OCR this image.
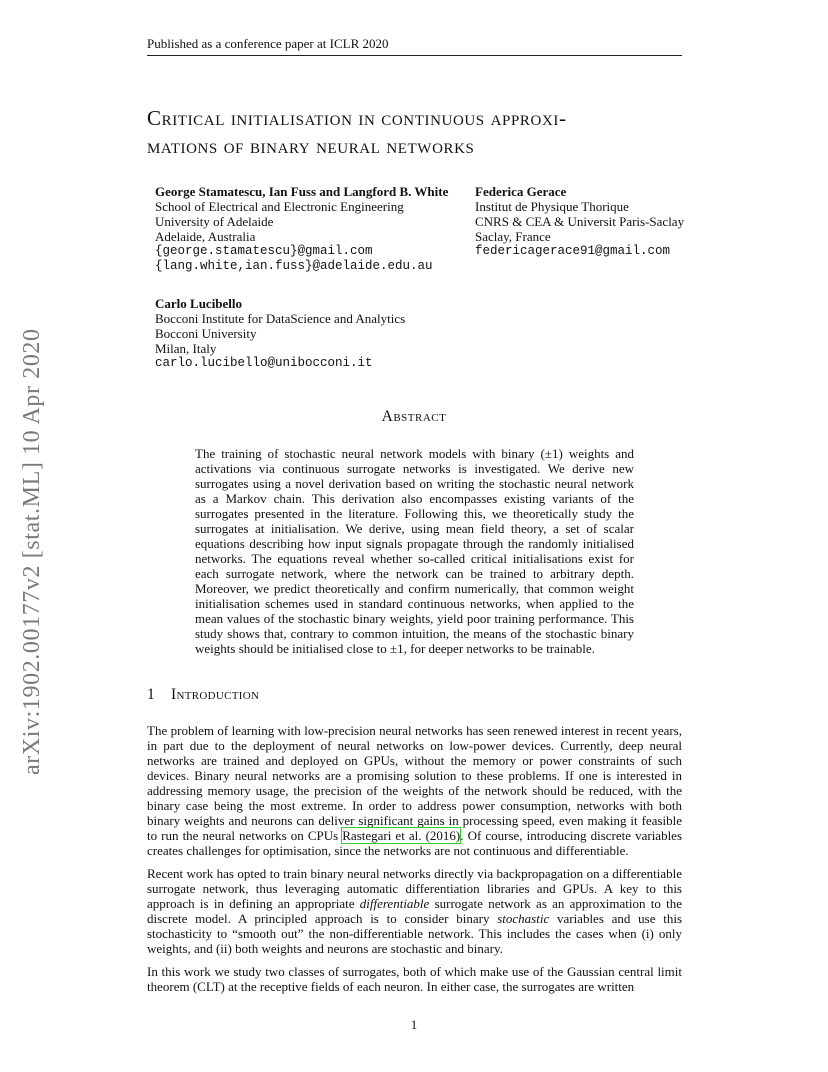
Published as a conference paper at ICLR 2020
arXiv:1902.00177v2 [stat.ML] 10 Apr 2020
Critical initialisation in continuous approxi-
mations of binary neural networks
George Stamatescu, Ian Fuss and Langford B. White
School of Electrical and Electronic Engineering
University of Adelaide
Adelaide, Australia
{george.stamatescu}@gmail.com
{lang.white,ian.fuss}@adelaide.edu.au
Federica Gerace
Institut de Physique Thorique
CNRS & CEA & Universit Paris-Saclay
Saclay, France
federicagerace91@gmail.com
Carlo Lucibello
Bocconi Institute for DataScience and Analytics
Bocconi University
Milan, Italy
carlo.lucibello@unibocconi.it
Abstract
The training of stochastic neural network models with binary (±1) weights and activations via continuous surrogate networks is investigated. We derive new surrogates using a novel derivation based on writing the stochastic neural network as a Markov chain. This derivation also encompasses existing variants of the surrogates presented in the literature. Following this, we theoretically study the surrogates at initialisation. We derive, using mean field theory, a set of scalar equations describing how input signals propagate through the randomly initialised networks. The equations reveal whether so-called critical initialisations exist for each surrogate network, where the network can be trained to arbitrary depth. Moreover, we predict theoretically and confirm numerically, that common weight initialisation schemes used in standard continuous networks, when applied to the mean values of the stochastic binary weights, yield poor training performance. This study shows that, contrary to common intuition, the means of the stochastic binary weights should be initialised close to ±1, for deeper networks to be trainable.
1 Introduction
The problem of learning with low-precision neural networks has seen renewed interest in recent years, in part due to the deployment of neural networks on low-power devices. Currently, deep neural networks are trained and deployed on GPUs, without the memory or power constraints of such devices. Binary neural networks are a promising solution to these problems. If one is interested in addressing memory usage, the precision of the weights of the network should be reduced, with the binary case being the most extreme. In order to address power consumption, networks with both binary weights and neurons can deliver significant gains in processing speed, even making it feasible to run the neural networks on CPUs Rastegari et al. (2016). Of course, introducing discrete variables creates challenges for optimisation, since the networks are not continuous and differentiable.
Recent work has opted to train binary neural networks directly via backpropagation on a differentiable surrogate network, thus leveraging automatic differentiation libraries and GPUs. A key to this approach is in defining an appropriate differentiable surrogate network as an approximation to the discrete model. A principled approach is to consider binary stochastic variables and use this stochasticity to “smooth out” the non-differentiable network. This includes the cases when (i) only weights, and (ii) both weights and neurons are stochastic and binary.
In this work we study two classes of surrogates, both of which make use of the Gaussian central limit theorem (CLT) at the receptive fields of each neuron. In either case, the surrogates are written
1
